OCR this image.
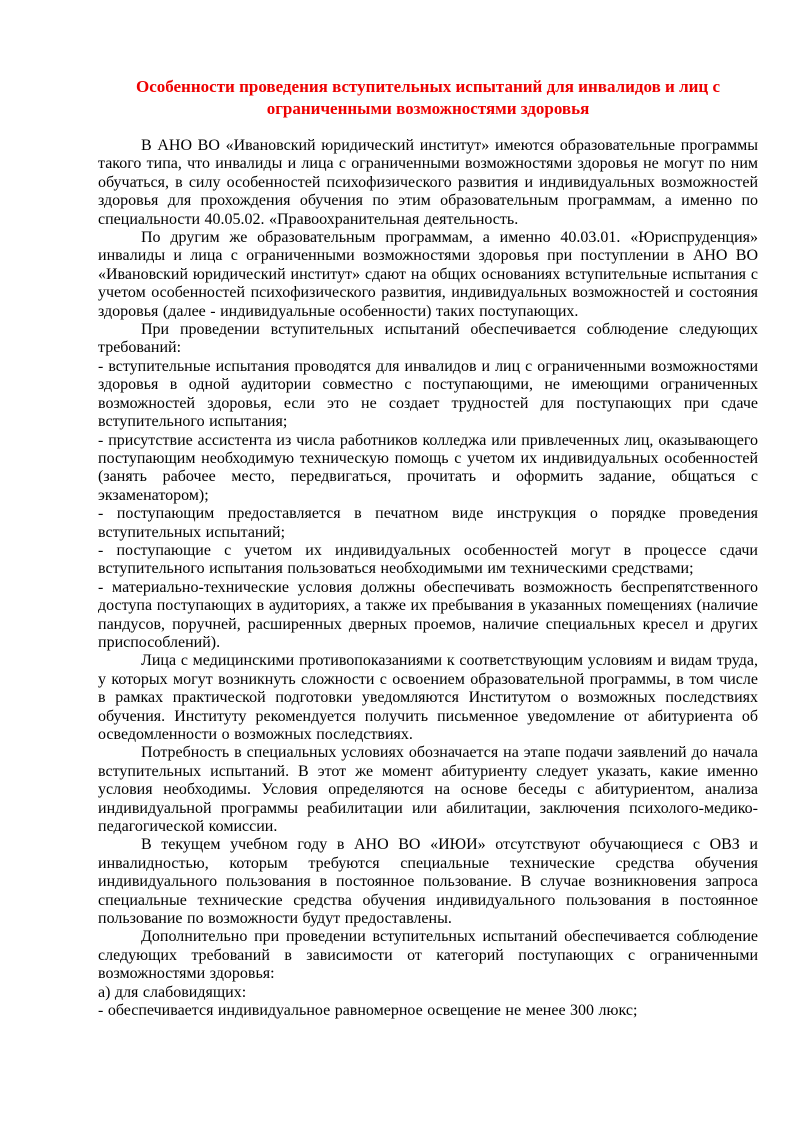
Особенности проведения вступительных испытаний для инвалидов и лиц с ограниченными возможностями здоровья

В АНО ВО «Ивановский юридический институт» имеются образовательные программы такого типа, что инвалиды и лица с ограниченными возможностями здоровья не могут по ним обучаться, в силу особенностей психофизического развития и индивидуальных возможностей здоровья для прохождения обучения по этим образовательным программам, а именно по специальности 40.05.02. «Правоохранительная деятельность.

По другим же образовательным программам, а именно 40.03.01. «Юриспруденция» инвалиды и лица с ограниченными возможностями здоровья при поступлении в АНО ВО «Ивановский юридический институт» сдают на общих основаниях вступительные испытания с учетом особенностей психофизического развития, индивидуальных возможностей и состояния здоровья (далее - индивидуальные особенности) таких поступающих.

При проведении вступительных испытаний обеспечивается соблюдение следующих требований:

- вступительные испытания проводятся для инвалидов и лиц с ограниченными возможностями здоровья в одной аудитории совместно с поступающими, не имеющими ограниченных возможностей здоровья, если это не создает трудностей для поступающих при сдаче вступительного испытания;

- присутствие ассистента из числа работников колледжа или привлеченных лиц, оказывающего поступающим необходимую техническую помощь с учетом их индивидуальных особенностей (занять рабочее место, передвигаться, прочитать и оформить задание, общаться с экзаменатором);

- поступающим предоставляется в печатном виде инструкция о порядке проведения вступительных испытаний;

- поступающие с учетом их индивидуальных особенностей могут в процессе сдачи вступительного испытания пользоваться необходимыми им техническими средствами;

- материально-технические условия должны обеспечивать возможность беспрепятственного доступа поступающих в аудиториях, а также их пребывания в указанных помещениях (наличие пандусов, поручней, расширенных дверных проемов, наличие специальных кресел и других приспособлений).

Лица с медицинскими противопоказаниями к соответствующим условиям и видам труда, у которых могут возникнуть сложности с освоением образовательной программы, в том числе в рамках практической подготовки уведомляются Институтом о возможных последствиях обучения. Институту рекомендуется получить письменное уведомление от абитуриента об осведомленности о возможных последствиях.

Потребность в специальных условиях обозначается на этапе подачи заявлений до начала вступительных испытаний. В этот же момент абитуриенту следует указать, какие именно условия необходимы. Условия определяются на основе беседы с абитуриентом, анализа индивидуальной программы реабилитации или абилитации, заключения психолого-медико-педагогической комиссии.

В текущем учебном году в АНО ВО «ИЮИ» отсутствуют обучающиеся с ОВЗ и инвалидностью, которым требуются специальные технические средства обучения индивидуального пользования в постоянное пользование. В случае возникновения запроса специальные технические средства обучения индивидуального пользования в постоянное пользование по возможности будут предоставлены.

Дополнительно при проведении вступительных испытаний обеспечивается соблюдение следующих требований в зависимости от категорий поступающих с ограниченными возможностями здоровья:

а) для слабовидящих:

- обеспечивается индивидуальное равномерное освещение не менее 300 люкс;
